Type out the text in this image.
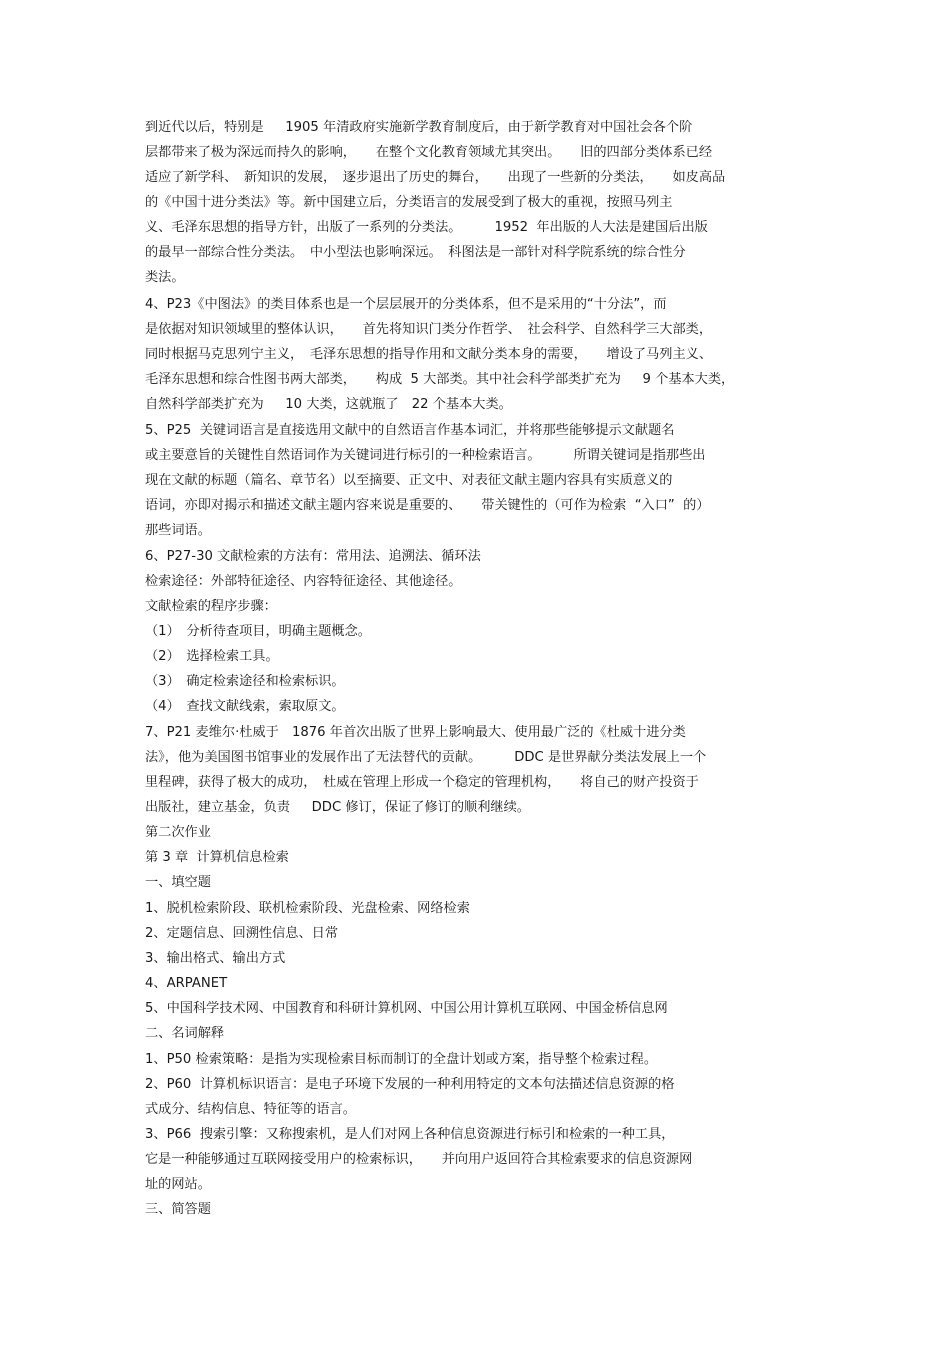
到近代以后，特别是　  1905 年清政府实施新学教育制度后，由于新学教育对中国社会各个阶
层都带来了极为深远而持久的影响，　　在整个文化教育领域尤其突出。　　旧的四部分类体系已经
适应了新学科、　新知识的发展，　逐步退出了历史的舞台，　　出现了一些新的分类法，　　如皮高品
的《中国十进分类法》等。新中国建立后，分类语言的发展受到了极大的重视，按照马列主
义、毛泽东思想的指导方针，出版了一系列的分类法。　　　1952  年出版的人大法是建国后出版
的最早一部综合性分类法。　中小型法也影响深远。　科图法是一部针对科学院系统的综合性分
类法。
4、P23《中图法》的类目体系也是一个层层展开的分类体系，但不是采用的“十分法”，而
是依据对知识领域里的整体认识，　　首先将知识门类分作哲学、　社会科学、自然科学三大部类，
同时根据马克思列宁主义，　毛泽东思想的指导作用和文献分类本身的需要，　　增设了马列主义、
毛泽东思想和综合性图书两大部类，　　构成  5 大部类。其中社会科学部类扩充为　  9 个基本大类，
自然科学部类扩充为　  10 大类，这就瓶了　22 个基本大类。
5、P25  关键词语言是直接选用文献中的自然语言作基本词汇，并将那些能够提示文献题名
或主要意旨的关键性自然语词作为关键词进行标引的一种检索语言。　　　所谓关键词是指那些出
现在文献的标题（篇名、章节名）以至摘要、正文中、对表征文献主题内容具有实质意义的
语词，亦即对揭示和描述文献主题内容来说是重要的、　　带关键性的（可作为检索  “入口”  的）
那些词语。
6、P27-30 文献检索的方法有：常用法、追溯法、循环法
检索途径：外部特征途径、内容特征途径、其他途径。
文献检索的程序步骤：
（1）　分析待查项目，明确主题概念。
（2）　选择检索工具。
（3）　确定检索途径和检索标识。
（4）　查找文献线索，索取原文。
7、P21 麦维尔·杜威于　1876 年首次出版了世界上影响最大、使用最广泛的《杜威十进分类
法》，他为美国图书馆事业的发展作出了无法替代的贡献。　　　DDC 是世界献分类法发展上一个
里程碑，获得了极大的成功，　杜威在管理上形成一个稳定的管理机构，　　将自己的财产投资于
出版社，建立基金，负责　  DDC 修订，保证了修订的顺利继续。
第二次作业
第 3 章  计算机信息检索
一、填空题
1、脱机检索阶段、联机检索阶段、光盘检索、网络检索
2、定题信息、回溯性信息、日常
3、输出格式、输出方式
4、ARPANET
5、中国科学技术网、中国教育和科研计算机网、中国公用计算机互联网、中国金桥信息网
二、名词解释
1、P50 检索策略：是指为实现检索目标而制订的全盘计划或方案，指导整个检索过程。
2、P60  计算机标识语言：是电子环境下发展的一种利用特定的文本句法描述信息资源的格
式成分、结构信息、特征等的语言。
3、P66  搜索引擎：又称搜索机，是人们对网上各种信息资源进行标引和检索的一种工具，
它是一种能够通过互联网接受用户的检索标识，　　并向用户返回符合其检索要求的信息资源网
址的网站。
三、简答题
